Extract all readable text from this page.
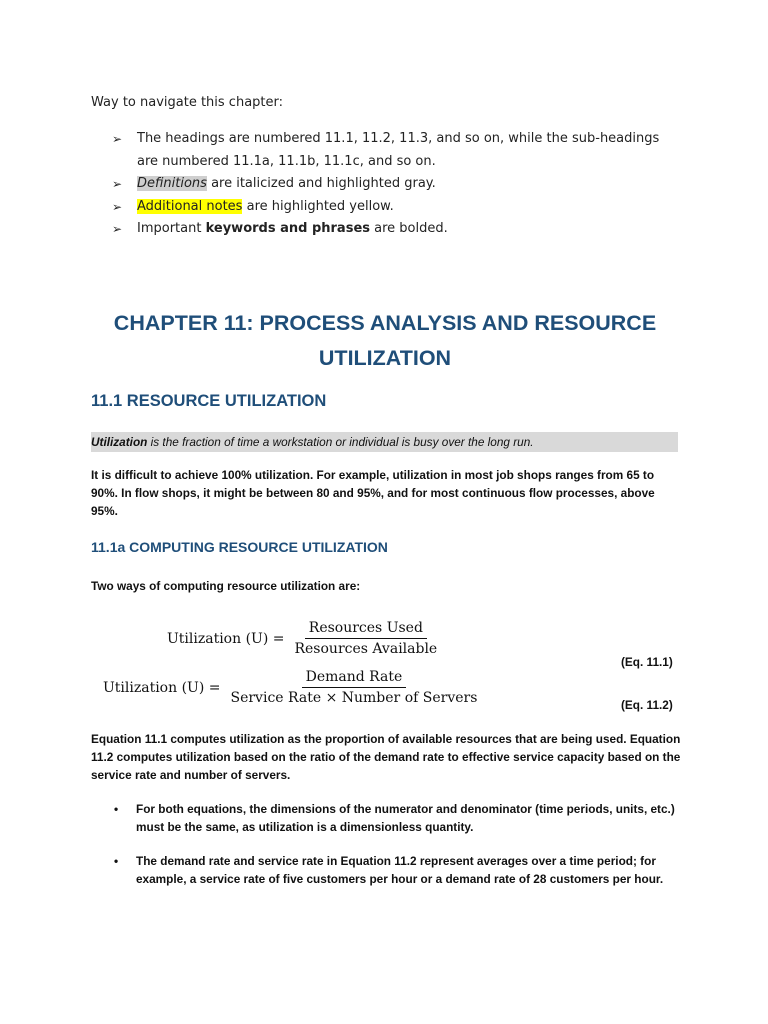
Way to navigate this chapter:
➢ The headings are numbered 11.1, 11.2, 11.3, and so on, while the sub-headings are numbered 11.1a, 11.1b, 11.1c, and so on.
➢ Definitions are italicized and highlighted gray.
➢ Additional notes are highlighted yellow.
➢ Important keywords and phrases are bolded.
CHAPTER 11: PROCESS ANALYSIS AND RESOURCE UTILIZATION
11.1 RESOURCE UTILIZATION
Utilization is the fraction of time a workstation or individual is busy over the long run.
It is difficult to achieve 100% utilization. For example, utilization in most job shops ranges from 65 to 90%. In flow shops, it might be between 80 and 95%, and for most continuous flow processes, above 95%.
11.1a COMPUTING RESOURCE UTILIZATION
Two ways of computing resource utilization are:
Utilization $(U) = \frac{\text{Resources Used}}{\text{Resources Available}}$
(Eq. 11.1)
Utilization $(U) = \frac{\text{Demand Rate}}{\text{Service Rate × Number of Servers}}$	(Eq. 11.2)
Equation 11.1 computes utilization as the proportion of available resources that are being used. Equation 11.2 computes utilization based on the ratio of the demand rate to effective service capacity based on the service rate and number of servers.
• For both equations, the dimensions of the numerator and denominator (time periods, units, etc.) must be the same, as utilization is a dimensionless quantity.
• The demand rate and service rate in Equation 11.2 represent averages over a time period; for example, a service rate of five customers per hour or a demand rate of 28 customers per hour.
